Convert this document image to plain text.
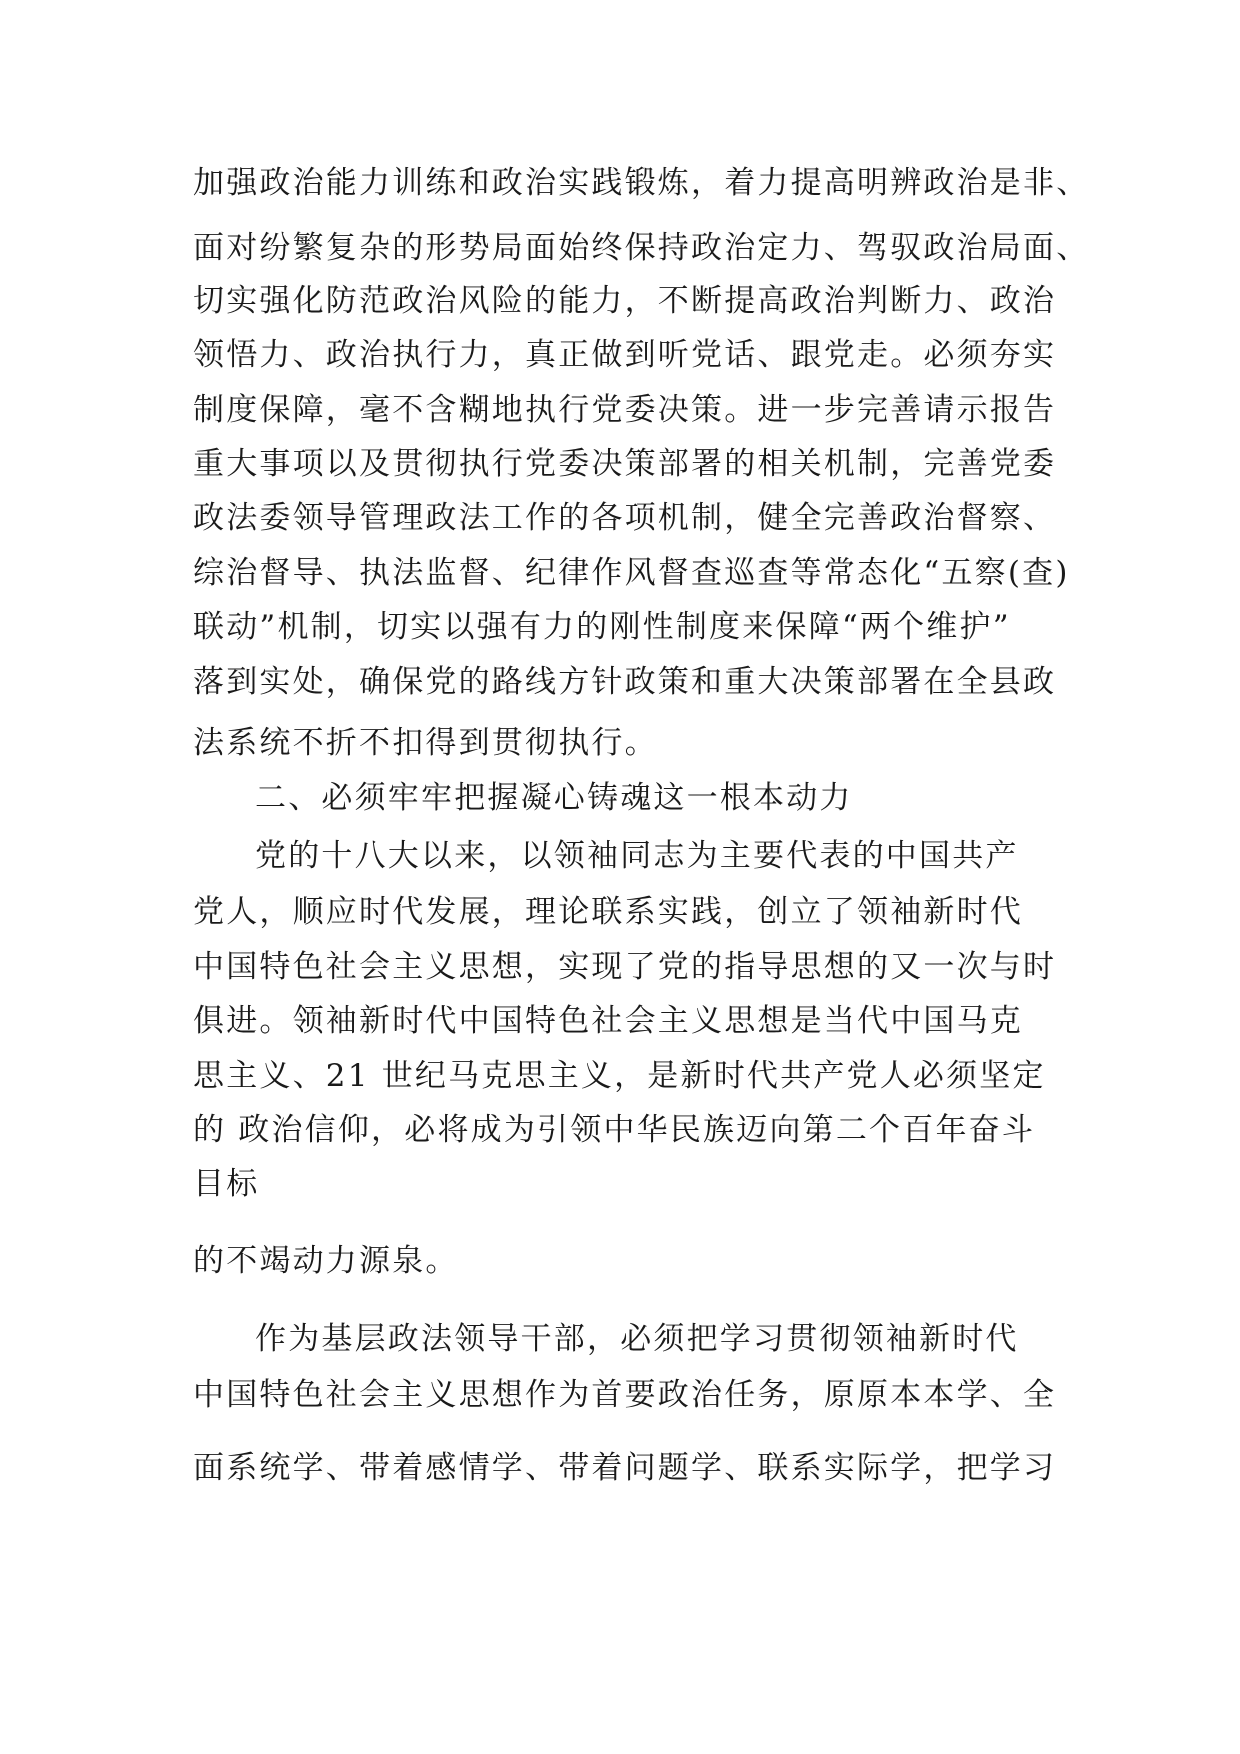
加强政治能力训练和政治实践锻炼，着力提高明辨政治是非、
面对纷繁复杂的形势局面始终保持政治定力、驾驭政治局面、
切实强化防范政治风险的能力，不断提高政治判断力、政治
领悟力、政治执行力，真正做到听党话、跟党走。必须夯实
制度保障，毫不含糊地执行党委决策。进一步完善请示报告
重大事项以及贯彻执行党委决策部署的相关机制，完善党委
政法委领导管理政法工作的各项机制，健全完善政治督察、
综治督导、执法监督、纪律作风督查巡查等常态化“五察(查)
联动”机制，切实以强有力的刚性制度来保障“两个维护”
落到实处，确保党的路线方针政策和重大决策部署在全县政
法系统不折不扣得到贯彻执行。
二、必须牢牢把握凝心铸魂这一根本动力
党的十八大以来，以领袖同志为主要代表的中国共产
党人，顺应时代发展，理论联系实践，创立了领袖新时代
中国特色社会主义思想，实现了党的指导思想的又一次与时
俱进。领袖新时代中国特色社会主义思想是当代中国马克
思主义、21 世纪马克思主义，是新时代共产党人必须坚定
的 政治信仰，必将成为引领中华民族迈向第二个百年奋斗
目标
的不竭动力源泉。
作为基层政法领导干部，必须把学习贯彻领袖新时代
中国特色社会主义思想作为首要政治任务，原原本本学、全
面系统学、带着感情学、带着问题学、联系实际学，把学习
